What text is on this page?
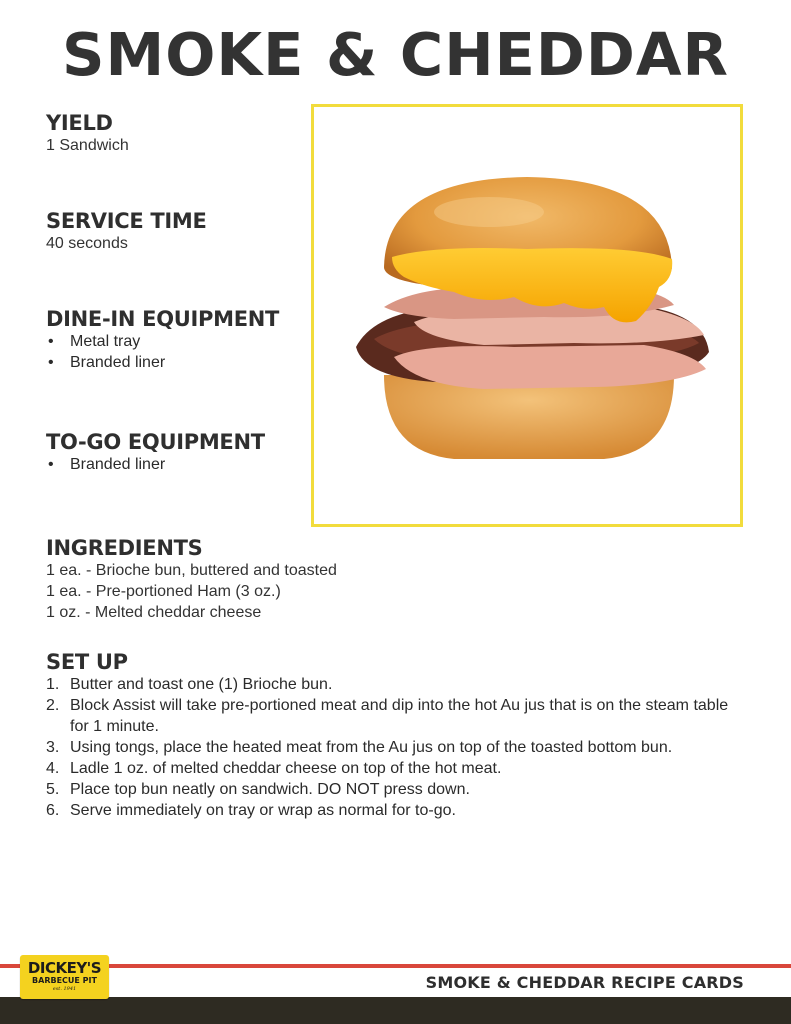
SMOKE & CHEDDAR
YIELD
1 Sandwich
SERVICE TIME
40 seconds
DINE-IN EQUIPMENT
• Metal tray
• Branded liner
TO-GO EQUIPMENT
• Branded liner
INGREDIENTS
1 ea. - Brioche bun, buttered and toasted
1 ea. - Pre-portioned Ham (3 oz.)
1 oz. - Melted cheddar cheese
SET UP
1. Butter and toast one (1) Brioche bun.
2. Block Assist will take pre-portioned meat and dip into the hot Au jus that is on the steam table for 1 minute.
3. Using tongs, place the heated meat from the Au jus on top of the toasted bottom bun.
4. Ladle 1 oz. of melted cheddar cheese on top of the hot meat.
5. Place top bun neatly on sandwich. DO NOT press down.
6. Serve immediately on tray or wrap as normal for to-go.
SMOKE & CHEDDAR RECIPE CARDS
DICKEY'S
BARBECUE PIT
est. 1941
